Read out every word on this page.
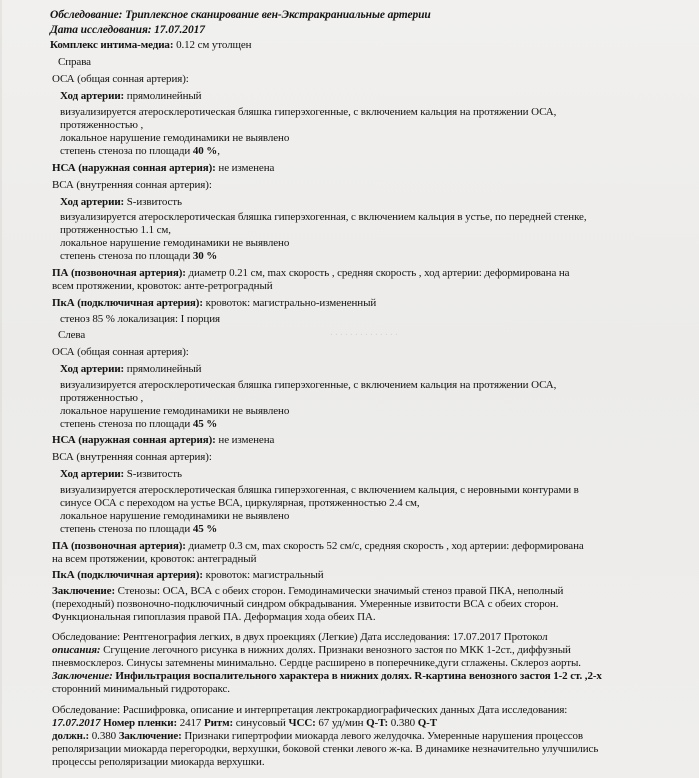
· · · · · · · · · · · · · ·
Обследование: Триплексное сканирование вен-Экстракраниальные артерии
Дата исследования: 17.07.2017
Комплекс интима-медиа: 0.12 см утолщен
Справа
ОСА (общая сонная артерия):
Ход артерии: прямолинейный
визуализируется атеросклеротическая бляшка гиперэхогенные, с включением кальция на протяжении ОСА,
протяженностью ,
локальное нарушение гемодинамики не выявлено
степень стеноза по площади 40 %,
НСА (наружная сонная артерия): не изменена
ВСА (внутренняя сонная артерия):
Ход артерии: S-извитость
визуализируется атеросклеротическая бляшка гиперэхогенная, с включением кальция в устье, по передней стенке,
протяженностью 1.1 см,
локальное нарушение гемодинамики не выявлено
степень стеноза по площади 30 %
ПА (позвоночная артерия): диаметр 0.21 см, max скорость , средняя скорость , ход артерии: деформирована на
всем протяжении, кровоток: анте-ретроградный
ПкА (подключичная артерия): кровоток: магистрально-измененный
стеноз 85 % локализация: I порция
Слева
ОСА (общая сонная артерия):
Ход артерии: прямолинейный
визуализируется атеросклеротическая бляшка гиперэхогенные, с включением кальция на протяжении ОСА,
протяженностью ,
локальное нарушение гемодинамики не выявлено
степень стеноза по площади 45 %
НСА (наружная сонная артерия): не изменена
ВСА (внутренняя сонная артерия):
Ход артерии: S-извитость
визуализируется атеросклеротическая бляшка гиперэхогенная, с включением кальция, с неровными контурами в
синусе ОСА с переходом на устье ВСА, циркулярная, протяженностью 2.4 см,
локальное нарушение гемодинамики не выявлено
степень стеноза по площади 45 %
ПА (позвоночная артерия): диаметр 0.3 см, max скорость 52 см/с, средняя скорость , ход артерии: деформирована
на всем протяжении, кровоток: антеградный
ПкА (подключичная артерия): кровоток: магистральный
Заключение: Стенозы: ОСА, ВСА с обеих сторон. Гемодинамически значимый стеноз правой ПКА, неполный
(переходный) позвоночно-подключичный синдром обкрадывания. Умеренные извитости ВСА с обеих сторон.
Функциональная гипоплазия правой ПА. Деформация хода обеих ПА.
Обследование: Рентгенография легких, в двух проекциях (Легкие) Дата исследования: 17.07.2017 Протокол
описания: Сгущение легочного рисунка в нижних долях. Признаки венозного застоя по МКК 1-2ст., диффузный
пневмосклероз. Синусы затемнены минимально. Сердце расширено в поперечнике,дуги сглажены. Склероз аорты.
Заключение: Инфильтрация воспалительного характера в нижних долях. R-картина венозного застоя 1-2 ст. ,2-х
сторонний минимальный гидроторакс.
Обследование: Расшифровка, описание и интерпретация лектрокардиографических данных Дата исследования:
17.07.2017 Номер пленки: 2417 Ритм: синусовый ЧСС: 67 уд/мин Q-T: 0.380 Q-T
должн.: 0.380 Заключение: Признаки гипертрофии миокарда левого желудочка. Умеренные нарушения процессов
реполяризации миокарда перегородки, верхушки, боковой стенки левого ж-ка. В динамике незначительно улучшились
процессы реполяризации миокарда верхушки.
